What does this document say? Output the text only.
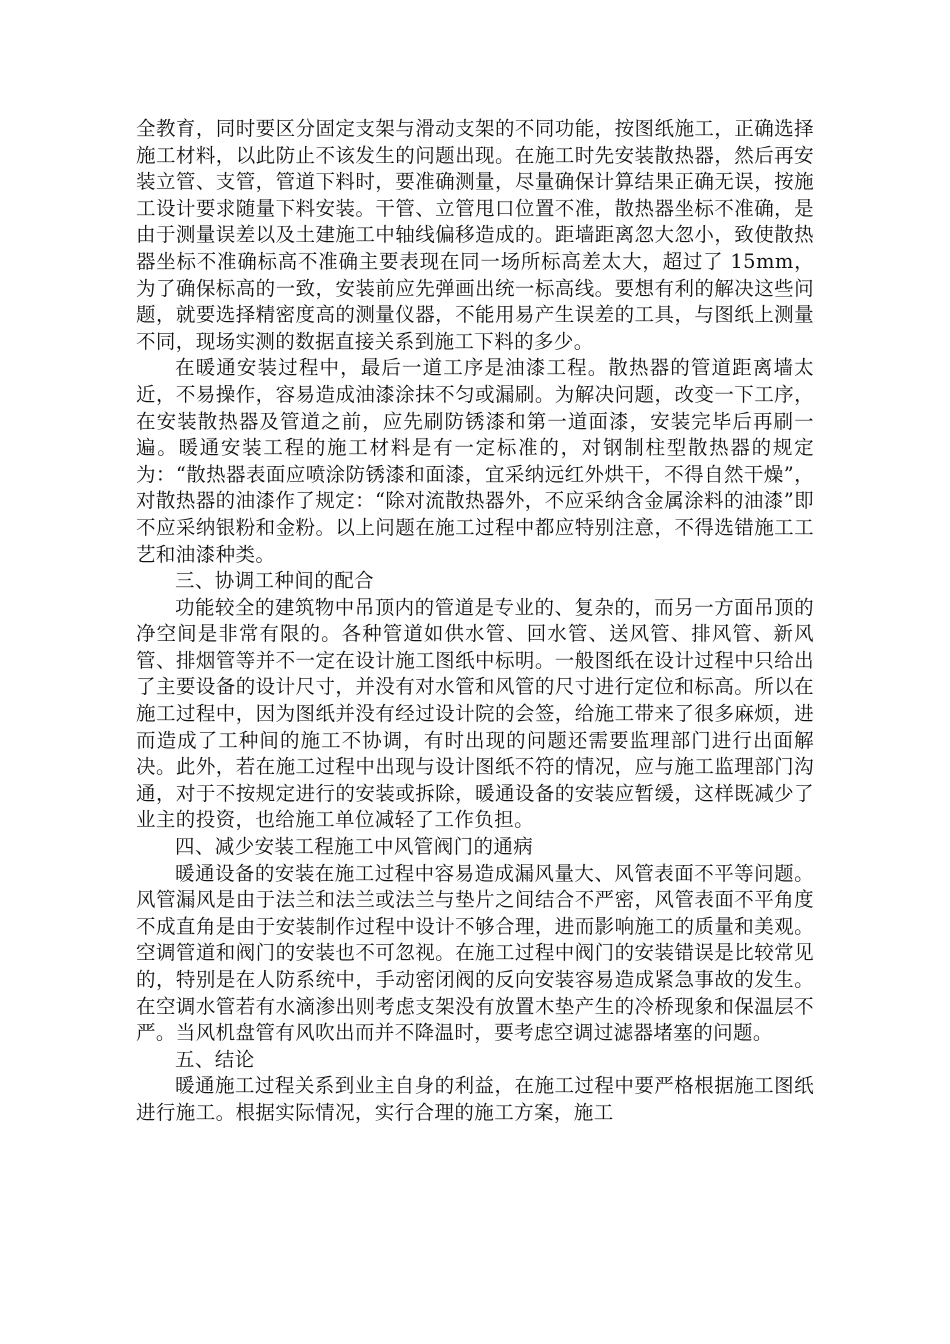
全教育，同时要区分固定支架与滑动支架的不同功能，按图纸施工，正确选择施工材料，以此防止不该发生的问题出现。在施工时先安装散热器，然后再安装立管、支管，管道下料时，要准确测量，尽量确保计算结果正确无误，按施工设计要求随量下料安装。干管、立管甩口位置不准，散热器坐标不准确，是由于测量误差以及土建施工中轴线偏移造成的。距墙距离忽大忽小，致使散热器坐标不准确标高不准确主要表现在同一场所标高差太大，超过了 15mm，为了确保标高的一致，安装前应先弹画出统一标高线。要想有利的解决这些问题，就要选择精密度高的测量仪器，不能用易产生误差的工具，与图纸上测量不同，现场实测的数据直接关系到施工下料的多少。

在暖通安装过程中，最后一道工序是油漆工程。散热器的管道距离墙太近，不易操作，容易造成油漆涂抹不匀或漏刷。为解决问题，改变一下工序，在安装散热器及管道之前，应先刷防锈漆和第一道面漆，安装完毕后再刷一遍。暖通安装工程的施工材料是有一定标准的，对钢制柱型散热器的规定为：“散热器表面应喷涂防锈漆和面漆，宜采纳远红外烘干，不得自然干燥”，对散热器的油漆作了规定：“除对流散热器外，不应采纳含金属涂料的油漆”即不应采纳银粉和金粉。以上问题在施工过程中都应特别注意，不得选错施工工艺和油漆种类。

三、协调工种间的配合

功能较全的建筑物中吊顶内的管道是专业的、复杂的，而另一方面吊顶的净空间是非常有限的。各种管道如供水管、回水管、送风管、排风管、新风管、排烟管等并不一定在设计施工图纸中标明。一般图纸在设计过程中只给出了主要设备的设计尺寸，并没有对水管和风管的尺寸进行定位和标高。所以在施工过程中，因为图纸并没有经过设计院的会签，给施工带来了很多麻烦，进而造成了工种间的施工不协调，有时出现的问题还需要监理部门进行出面解决。此外，若在施工过程中出现与设计图纸不符的情况，应与施工监理部门沟通，对于不按规定进行的安装或拆除，暖通设备的安装应暂缓，这样既减少了业主的投资，也给施工单位减轻了工作负担。

四、减少安装工程施工中风管阀门的通病

暖通设备的安装在施工过程中容易造成漏风量大、风管表面不平等问题。风管漏风是由于法兰和法兰或法兰与垫片之间结合不严密，风管表面不平角度不成直角是由于安装制作过程中设计不够合理，进而影响施工的质量和美观。空调管道和阀门的安装也不可忽视。在施工过程中阀门的安装错误是比较常见的，特别是在人防系统中，手动密闭阀的反向安装容易造成紧急事故的发生。在空调水管若有水滴渗出则考虑支架没有放置木垫产生的冷桥现象和保温层不严。当风机盘管有风吹出而并不降温时，要考虑空调过滤器堵塞的问题。

五、结论

暖通施工过程关系到业主自身的利益，在施工过程中要严格根据施工图纸进行施工。根据实际情况，实行合理的施工方案，施工
